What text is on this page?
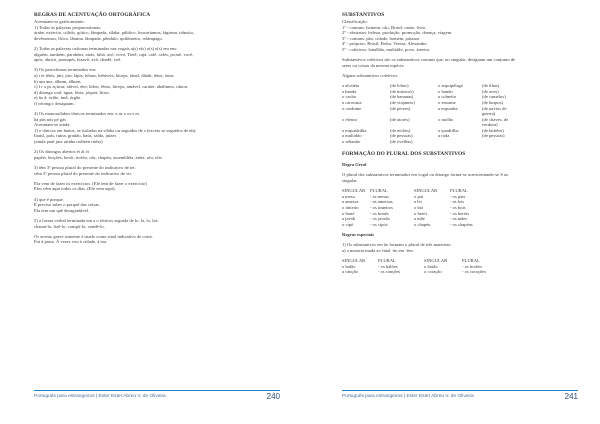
REGRAS DE ACENTUAÇÃO ORTOGRÁFICA
Acentuam-se graficamente:
1) Todas as palavras proparoxítonas:
árabe, exército, cólido, gótico, lâmpada, sílaba, público, louvaríamos, lágrima, trânsito,
devêssemos, lírico, lâmina, lâmpada, pêndulo, quilômetro, relâmpago.
2) Todas as palavras oxítonas terminadas nas vogais a(s) e(s) o(s) e(s) em ens:
alguém, também, parabéns, atrás, fubá, avô, vovó, Tietê, cajá, café, cafés, jacaré, você,
após, abricó, pontapés, bisavô, avô, dendê, voê.
3) Os paroxítonas terminados em:
a) i ei tênis, júri, júri, lápis, bônus, bebíveis, bíceps, túnel, dândi, tênis, ónus.
b) um uns: álbum, álbuns.
c) l r x ps açúcar, afável, éter, hífen, fênix, bíceps, amável, caráter, abdômen, cânon.
d) ditongo oral: água, fúria, jóquei, lírios.
e) ão ã: órfão, ímã, órgão.
f) tritongo: desaguam.
4) Os monossílabos tônicos terminados em: a as o os e es
há pás nós pé gás
Acentuam-se ainda:
1) o tônicos em hiatos, se isolados na sílaba ou seguidos de s (exceto se seguidos de nh):
Itaúsl, país, ruína, graúdo, baús, saída, juízes
(ainda paul juiz rainha rodízen rinho)
2) Os ditongos abertos éi ái ói
papéis, lenções, herói, troféu, céu, chapéu, assembléia, aréia, réu, réis.
3) têm 3ª pessoa plural do presente do indicativo de ter.
vêm 3ª pessoa plural do presente do indicativo de vir.
Ela vem de fazer os exercícios. (Ele tem de fazer o exercício)
Eles vêm aqui todos os dias. (Ele vem aqui).
4) que é porque.
E preciso saber o porquê das coisas.
Ela tem um quê desagradável.
5) a forma verbal terminada em a o tônicos seguida de lo, la, lo, las:
chamá-lo, fizê-lo, compô-lo, vendê-lo.
Os acento grave somente é usado como sinal indicativo de crase.
Fui à praia. À vezes vou à cidade, à toa.
Português para estrangeiros | Ester Ester Abreu V. de Oliveira	240
SUBSTANTIVOS
Classificação:
1º - comuns: homem, cão, Brasil, canto, livro.
2º - abstratos: beleza, produção, promoção, doença, viagem.
3º - comuns: pão, cidade, homem, pássaro.
4º - próprios: Brasil, Pedro, Teresa, Alexandre.
5º - coletivos: batalhão, multidão, povo, áreeiro.
Substantivos coletivos são os substantivos comuns que, no singular, designam um conjunto de
seres ou coisas da mesma espécie.
Alguns substantivos coletivos:
a alcatéia	(de lobos)	o arquipélago	(de ilhas)
a banda	(de músicos)	o bando	(de aves)
o cacho	(de bananas)	a colméia	(de camelos)
a caravana	(de viajantes)	o enxame	(de burpos)
o cardume	(de peixes)	a esquadra	(de navios de
guerra)
o elenco	(de atores)	o molho	(de chaves, de
verdura)
a esquadrilha	(de aviões)	a quadrilha	(de ladrões)
a multidão	(de pessoas)	a roda	(de pessoas)
o rebanho	(de ovelhas)
FORMAÇÃO DO PLURAL DOS SUBSTANTIVOS
Regra Geral
O plural dos substantivos terminados em vogal ou ditongo forma-se acrescentando-se S ao
singular.
SINGULAR	PLURAL	SINGULAR	PLURAL
a mesa	- as mesas	o pai	- os pais
a ameixa	- as ameixas	a lei	- as leis
o tinteiro	- os tinteiros	o boi	- os bois
o boné	- os bonés	o herói	- os heróis
a javali	- os javalis	a mãe	- as mães
o cipó	- os cipós	o chapéu	- os chapéus
Regras especiais
1) Os substantivos em ão formam o plural de três maneiras:
a) a maioria muda ao final -ão em -ões.
SINGULAR	PLURAL	SINGULAR	PLURAL
o balão	- os balões	o botão	- os botões
a canção	- as canções	o coração	- os corações
Português para estrangeiros | Ester Ester Abreu V. de Oliveira	241
